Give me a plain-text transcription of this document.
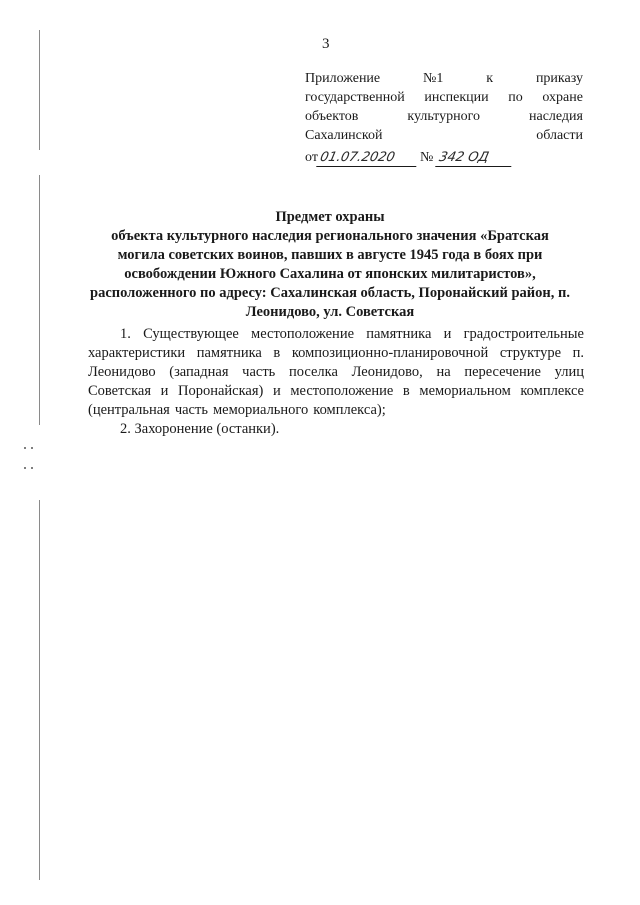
3
Приложение	№1	к	приказу
государственной инспекции по охране
объектов	культурного	наследия
Сахалинской	области
от 01.07.2020	№ 342 ОД
Предмет охраны
объекта культурного наследия регионального значения «Братская
могила советских воинов, павших в августе 1945 года в боях при
освобождении Южного Сахалина от японских милитаристов»,
расположенного по адресу: Сахалинская область, Поронайский район, п.
Леонидово, ул. Советская
1. Существующее местоположение памятника и градостроительные
характеристики памятника в композиционно-планировочной структуре п.
Леонидово (западная часть поселка Леонидово, на пересечение улиц
Советская и Поронайская) и местоположение в мемориальном комплексе
(центральная часть мемориального комплекса);
2. Захоронение (останки).
